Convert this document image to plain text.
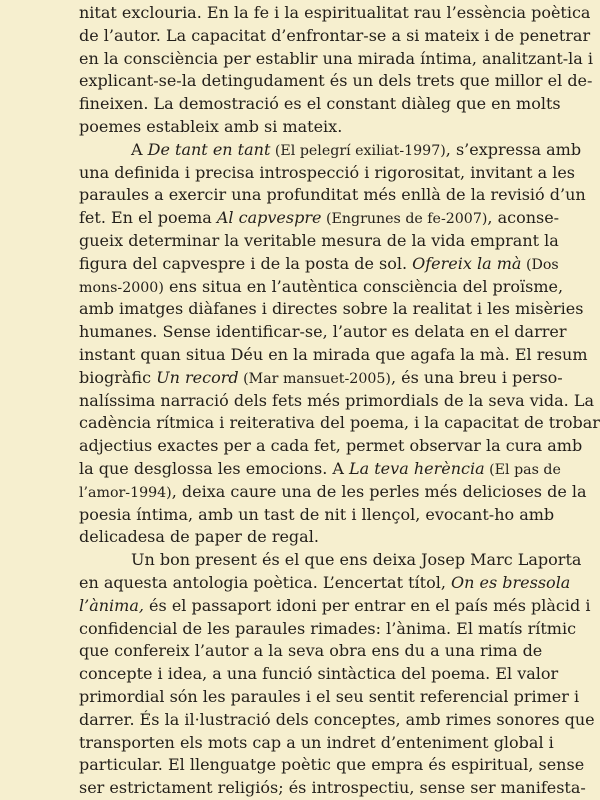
nitat exclouria. En la fe i la espiritualitat rau l’essència poètica
de l’autor. La capacitat d’enfrontar-se a si mateix i de penetrar
en la consciència per establir una mirada íntima, analitzant-la i
explicant-se-la detingudament és un dels trets que millor el de-
fineixen. La demostració es el constant diàleg que en molts
poemes estableix amb si mateix.
A De tant en tant (El pelegrí exiliat-1997), s’expressa amb
una definida i precisa introspecció i rigorositat, invitant a les
paraules a exercir una profunditat més enllà de la revisió d’un
fet. En el poema Al capvespre (Engrunes de fe-2007), aconse-
gueix determinar la veritable mesura de la vida emprant la
figura del capvespre i de la posta de sol. Ofereix la mà (Dos
mons-2000) ens situa en l’autèntica consciència del proïsme,
amb imatges diàfanes i directes sobre la realitat i les misèries
humanes. Sense identificar-se, l’autor es delata en el darrer
instant quan situa Déu en la mirada que agafa la mà. El resum
biogràfic Un record (Mar mansuet-2005), és una breu i perso-
nalíssima narració dels fets més primordials de la seva vida. La
cadència rítmica i reiterativa del poema, i la capacitat de trobar
adjectius exactes per a cada fet, permet observar la cura amb
la que desglossa les emocions. A La teva herència (El pas de
l’amor-1994), deixa caure una de les perles més delicioses de la
poesia íntima, amb un tast de nit i llençol, evocant-ho amb
delicadesa de paper de regal.
Un bon present és el que ens deixa Josep Marc Laporta
en aquesta antologia poètica. L’encertat títol, On es bressola
l’ànima, és el passaport idoni per entrar en el país més plàcid i
confidencial de les paraules rimades: l’ànima. El matís rítmic
que confereix l’autor a la seva obra ens du a una rima de
concepte i idea, a una funció sintàctica del poema. El valor
primordial són les paraules i el seu sentit referencial primer i
darrer. És la il·lustració dels conceptes, amb rimes sonores que
transporten els mots cap a un indret d’enteniment global i
particular. El llenguatge poètic que empra és espiritual, sense
ser estrictament religiós; és introspectiu, sense ser manifesta-
